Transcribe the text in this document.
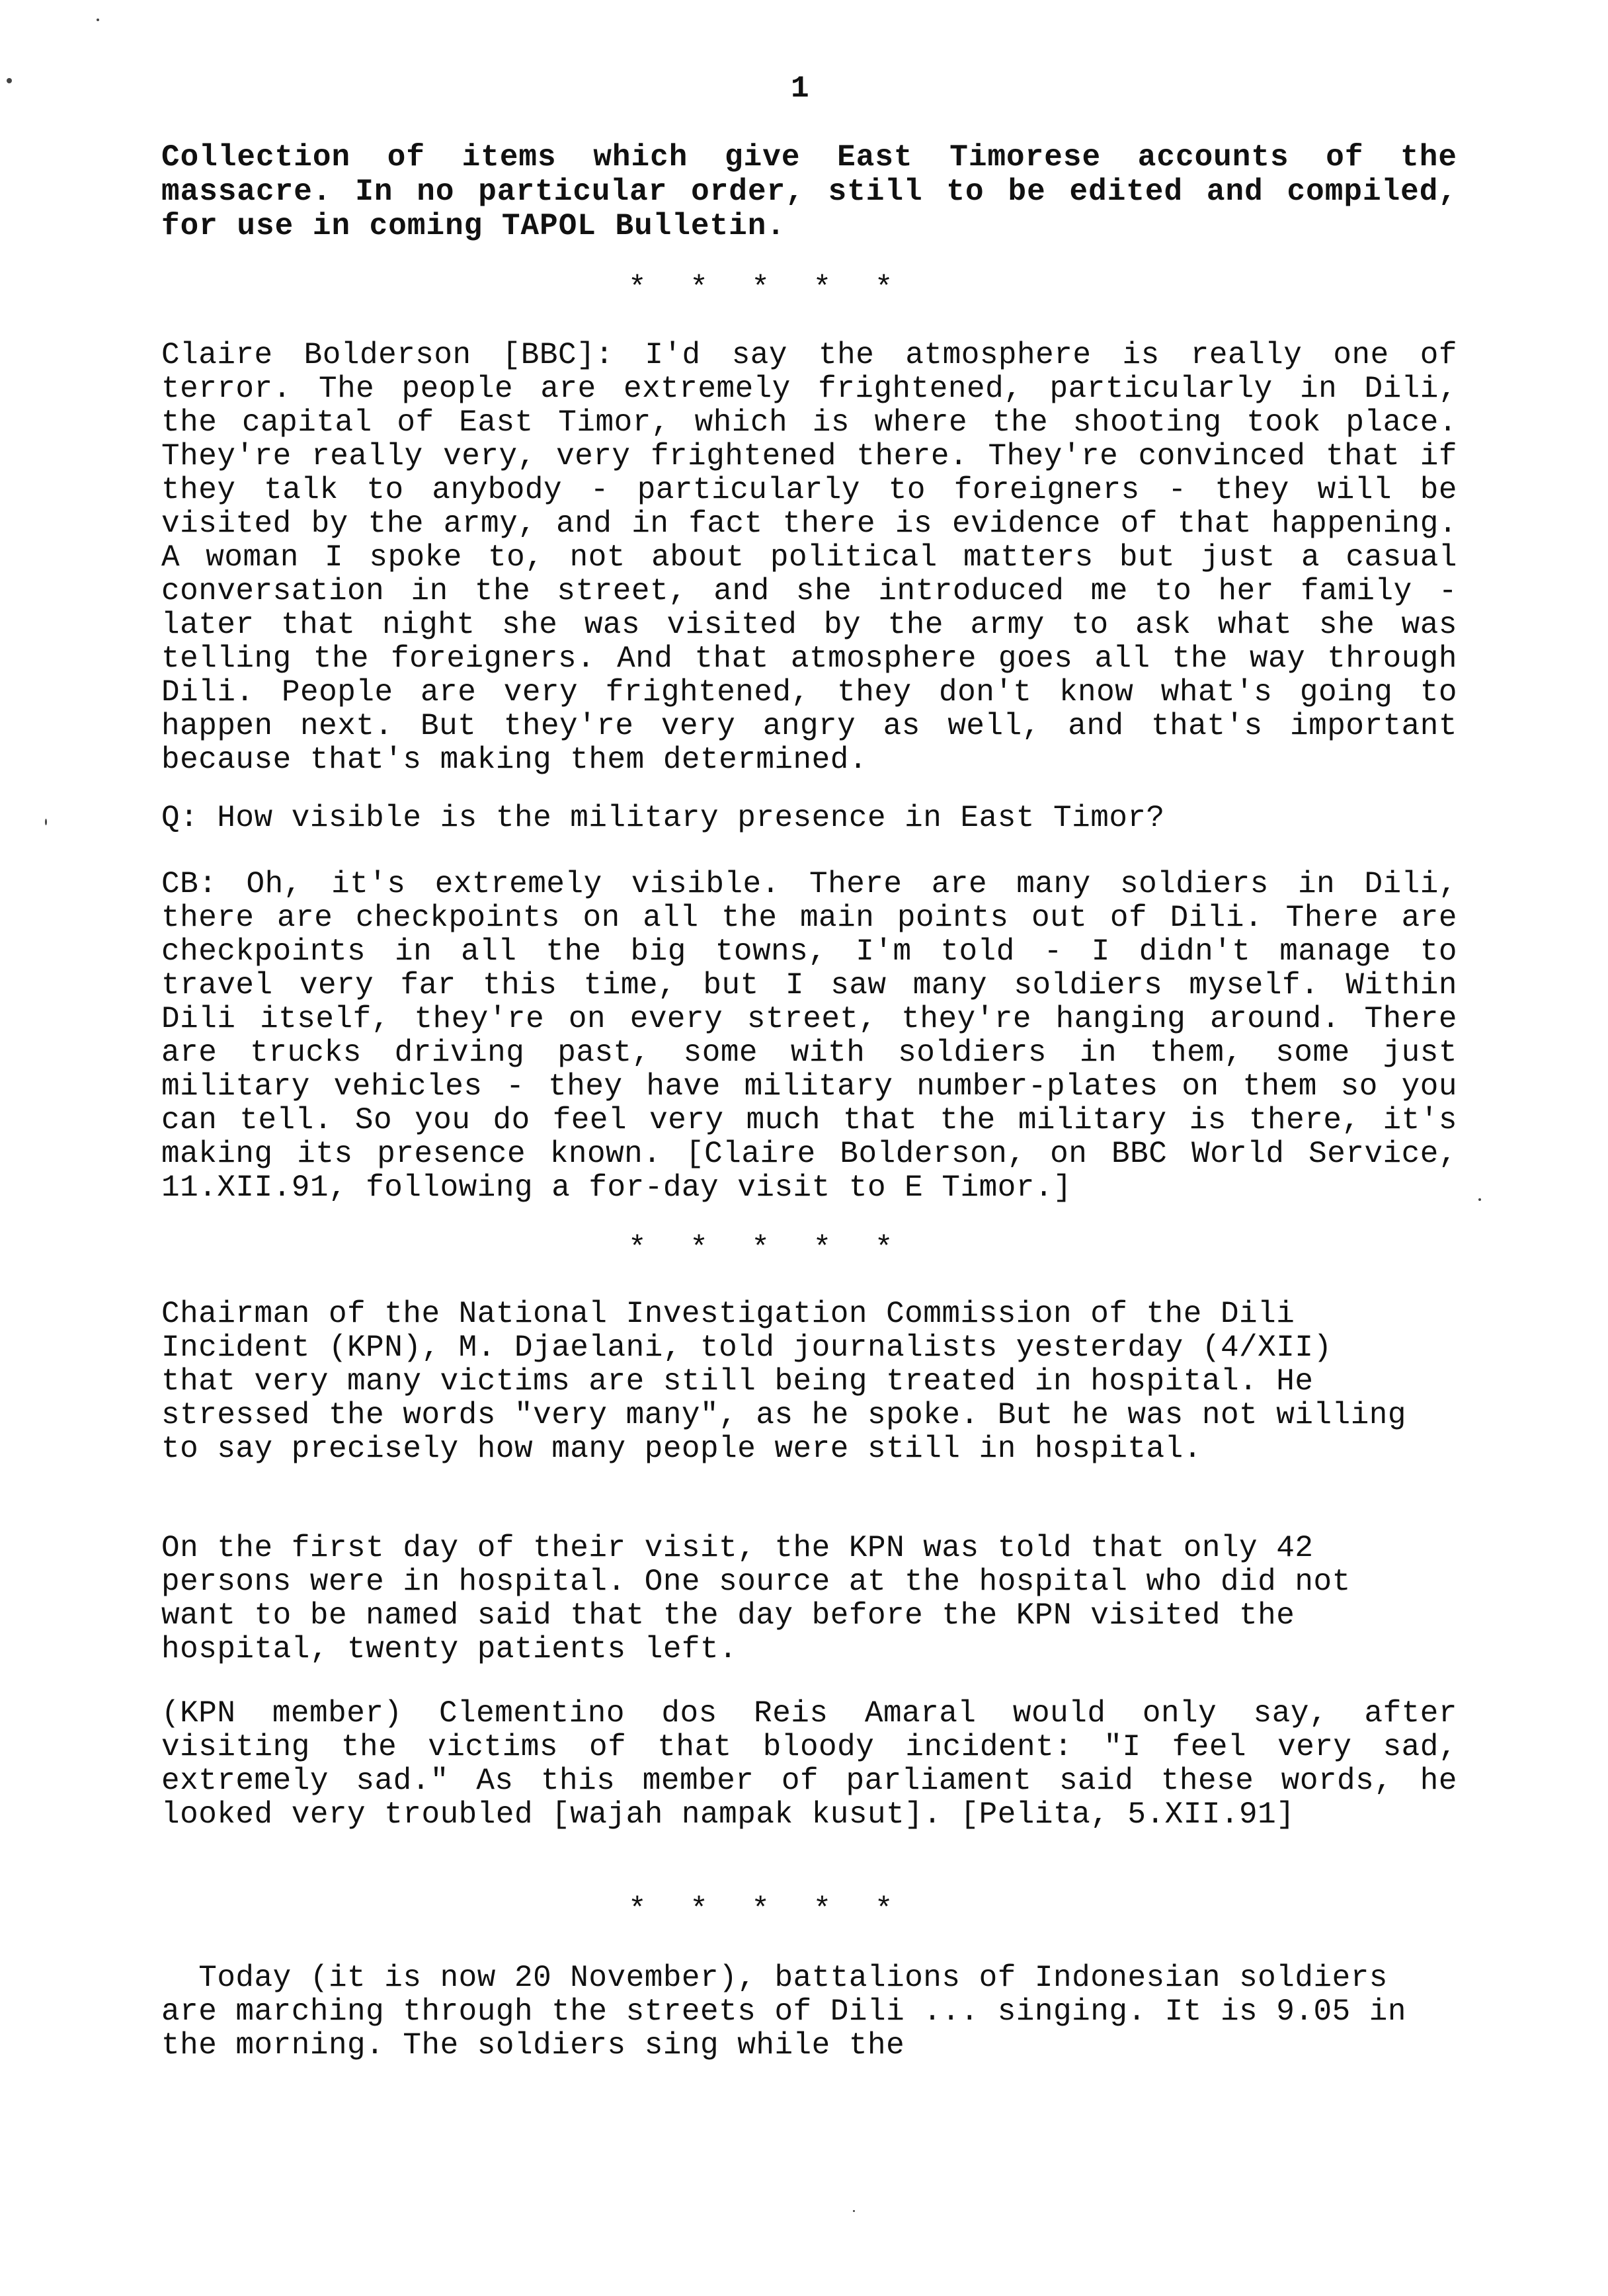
1
Collection of items which give East Timorese accounts of the massacre. In no particular order, still to be edited and compiled, for use in coming TAPOL Bulletin.
* * * * *
Claire Bolderson [BBC]: I'd say the atmosphere is really one of terror. The people are extremely frightened, particularly in Dili, the capital of East Timor, which is where the shooting took place. They're really very, very frightened there. They're convinced that if they talk to anybody - particularly to foreigners - they will be visited by the army, and in fact there is evidence of that happening. A woman I spoke to, not about political matters but just a casual conversation in the street, and she introduced me to her family - later that night she was visited by the army to ask what she was telling the foreigners. And that atmosphere goes all the way through Dili. People are very frightened, they don't know what's going to happen next. But they're very angry as well, and that's important because that's making them determined.
Q: How visible is the military presence in East Timor?
CB: Oh, it's extremely visible. There are many soldiers in Dili, there are checkpoints on all the main points out of Dili. There are checkpoints in all the big towns, I'm told - I didn't manage to travel very far this time, but I saw many soldiers myself. Within Dili itself, they're on every street, they're hanging around. There are trucks driving past, some with soldiers in them, some just military vehicles - they have military number-plates on them so you can tell. So you do feel very much that the military is there, it's making its presence known. [Claire Bolderson, on BBC World Service, 11.XII.91, following a for-day visit to E Timor.]
* * * * *
Chairman of the National Investigation Commission of the Dili Incident (KPN), M. Djaelani, told journalists yesterday (4/XII) that very many victims are still being treated in hospital. He stressed the words "very many", as he spoke. But he was not willing to say precisely how many people were still in hospital.
On the first day of their visit, the KPN was told that only 42 persons were in hospital. One source at the hospital who did not want to be named said that the day before the KPN visited the hospital, twenty patients left.
(KPN member) Clementino dos Reis Amaral would only say, after visiting the victims of that bloody incident: "I feel very sad, extremely sad." As this member of parliament said these words, he looked very troubled [wajah nampak kusut]. [Pelita, 5.XII.91]
* * * * *
Today (it is now 20 November), battalions of Indonesian soldiers are marching through the streets of Dili ... singing. It is 9.05 in the morning. The soldiers sing while the
